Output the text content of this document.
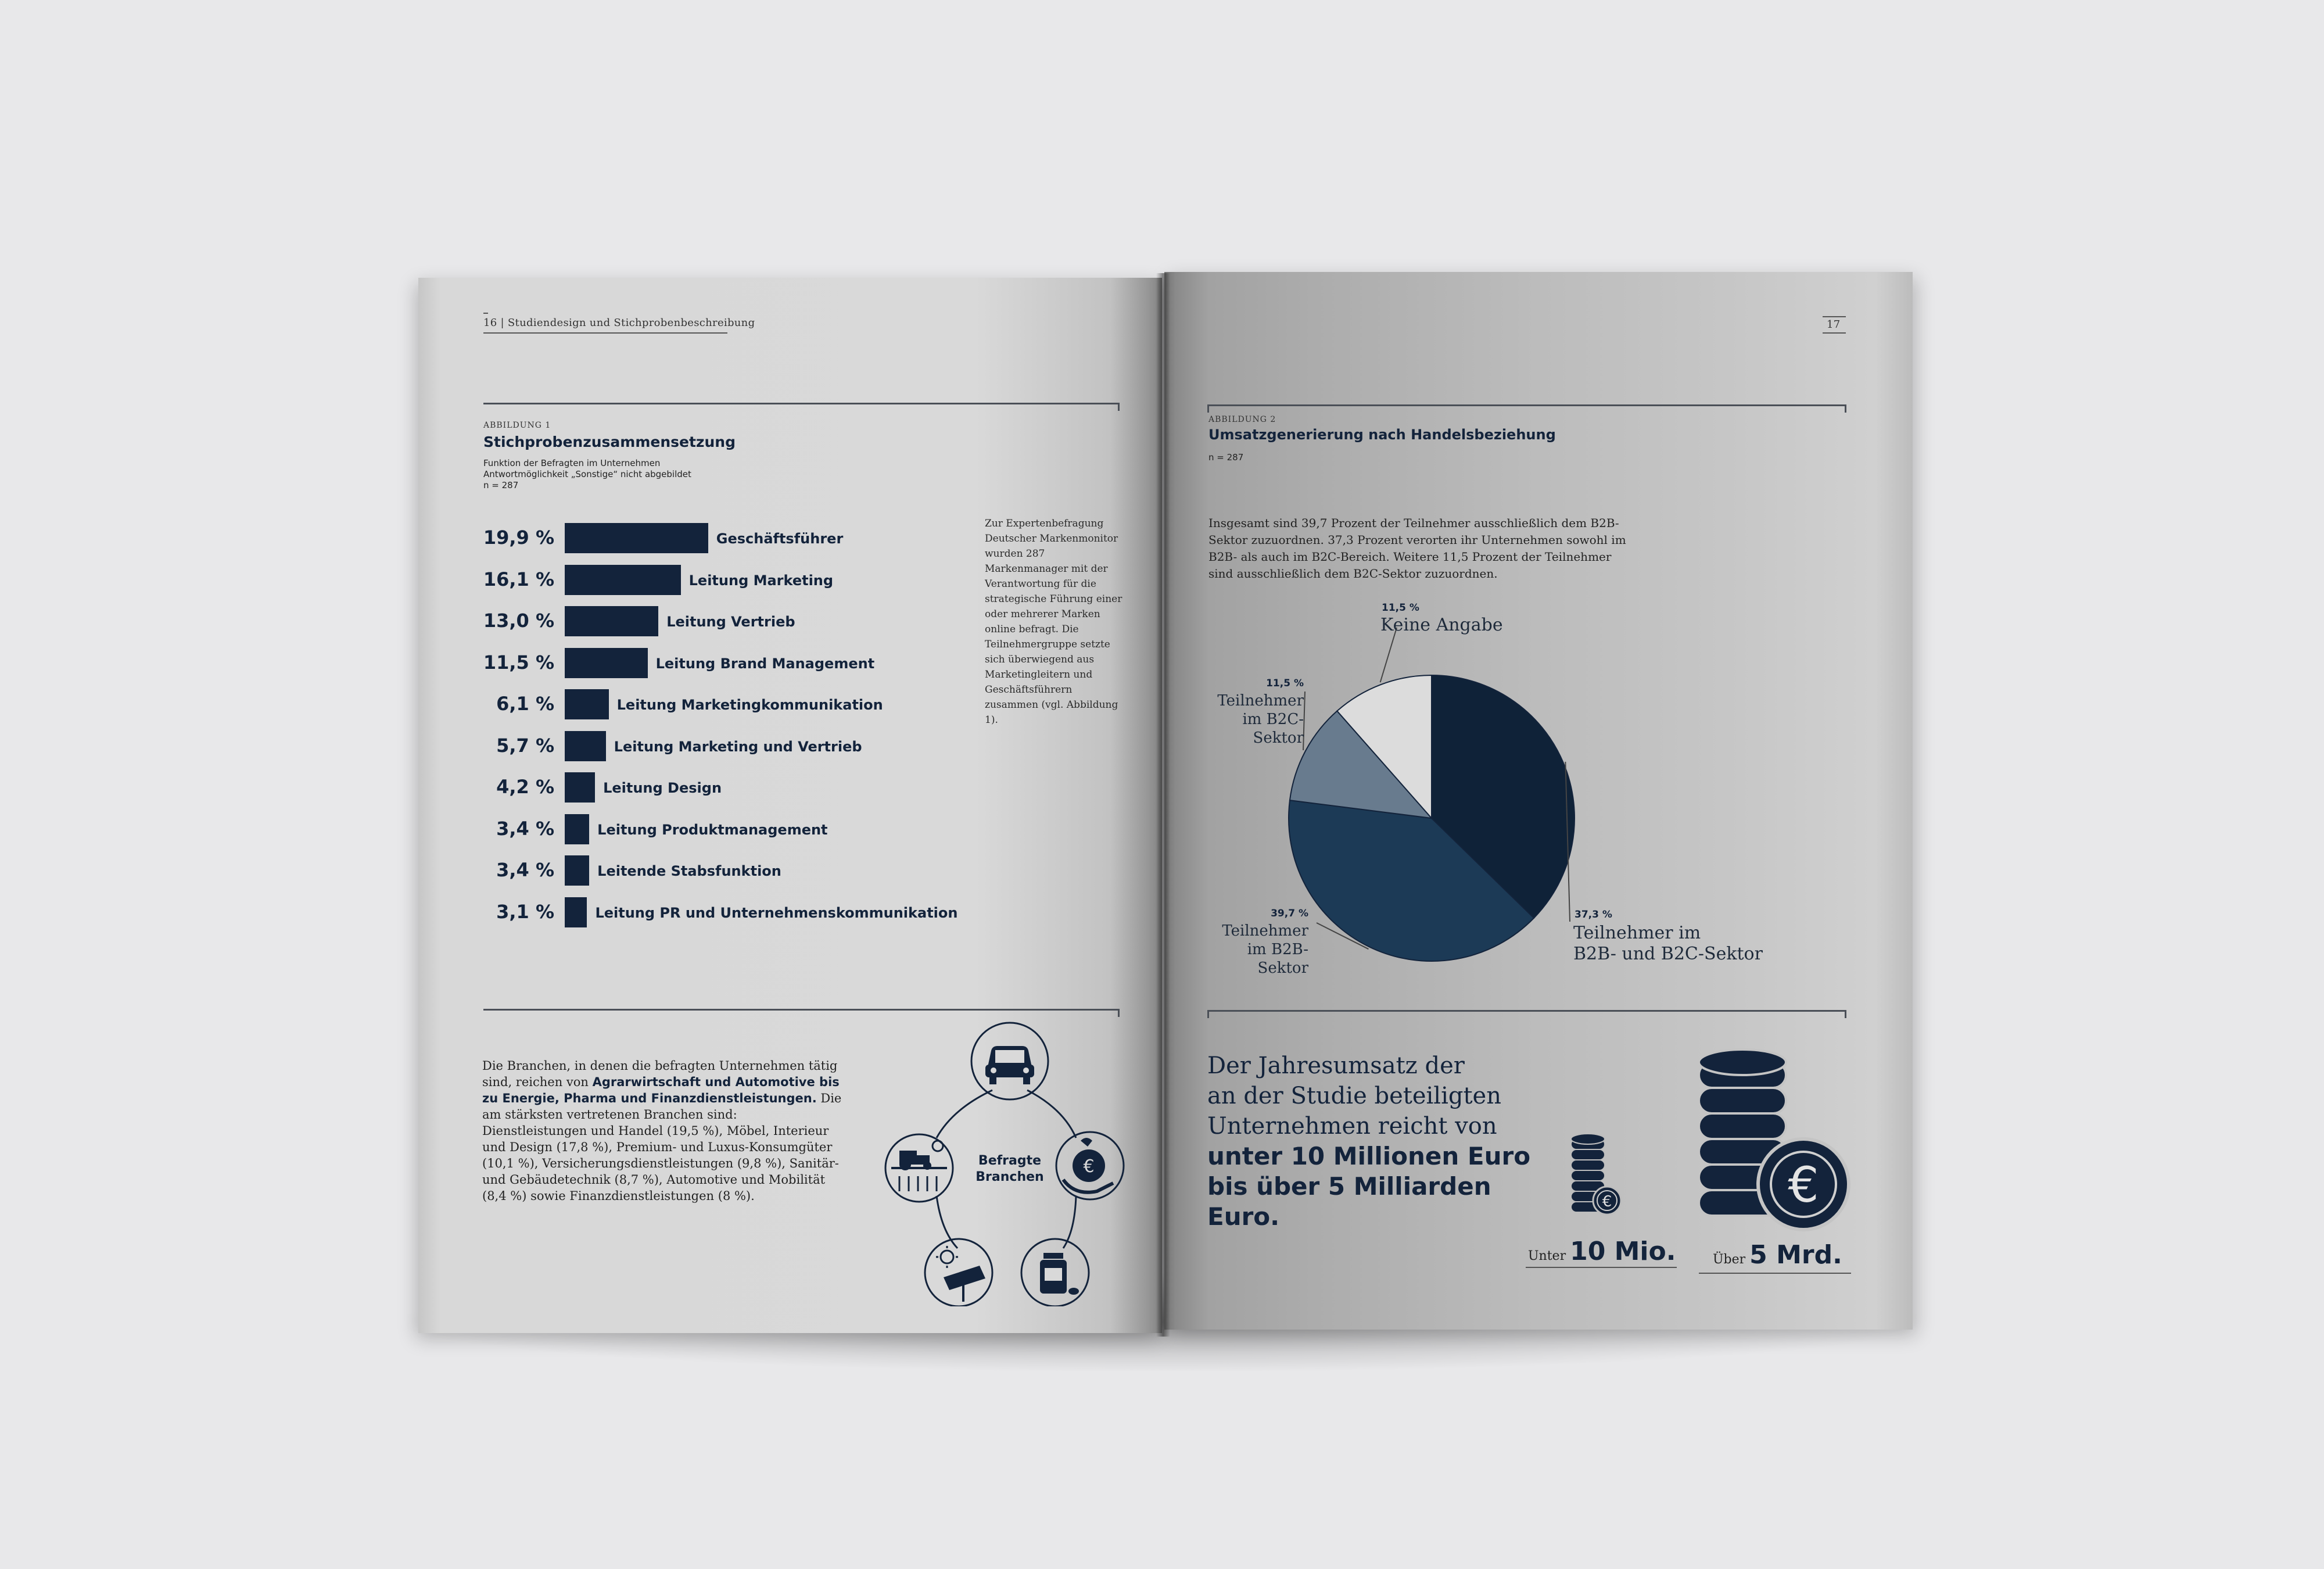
16 | Studiendesign und Stichprobenbeschreibung
ABBILDUNG 1
Stichprobenzusammensetzung
Funktion der Befragten im Unternehmen
Antwortmöglichkeit „Sonstige“ nicht abgebildet
n = 287
19,9 %	Geschäftsführer
16,1 %	Leitung Marketing
13,0 %	Leitung Vertrieb
11,5 %	Leitung Brand Management
6,1 %	Leitung Marketingkommunikation
5,7 %	Leitung Marketing und Vertrieb
4,2 %	Leitung Design
3,4 %	Leitung Produktmanagement
3,4 %	Leitende Stabsfunktion
3,1 %	Leitung PR und Unternehmenskommunikation
Zur Expertenbefragung Deutscher Markenmonitor wurden 287 Markenmanager mit der Verantwortung für die strategische Führung einer oder mehrerer Marken online befragt. Die Teilnehmergruppe setzte sich überwiegend aus Marketingleitern und Geschäftsführern zusammen (vgl. Abbildung 1).
Die Branchen, in denen die befragten Unternehmen tätig sind, reichen von Agrarwirtschaft und Automotive bis zu Energie, Pharma und Finanzdienstleistungen. Die am stärksten vertretenen Branchen sind: Dienstleistungen und Handel (19,5 %), Möbel, Interieur und Design (17,8 %), Premium- und Luxus-Konsumgüter (10,1 %), Versicherungsdienstleistungen (9,8 %), Sanitär- und Gebäudetechnik (8,7 %), Automotive und Mobilität (8,4 %) sowie Finanzdienstleistungen (8 %).
€
Befragte
Branchen
17
ABBILDUNG 2
Umsatzgenerierung nach Handelsbeziehung
n = 287
Insgesamt sind 39,7 Prozent der Teilnehmer ausschließlich dem B2B-Sektor zuzuordnen. 37,3 Prozent verorten ihr Unternehmen sowohl im B2B- als auch im B2C-Bereich. Weitere 11,5 Prozent der Teilnehmer sind ausschließlich dem B2C-Sektor zuzuordnen.
11,5 %
Keine Angabe
11,5 %
Teilnehmer
im B2C-Sektor
39,7 %
Teilnehmer
im B2B-Sektor
37,3 %
Teilnehmer im
B2B- und B2C-Sektor
Der Jahresumsatz der
an der Studie beteiligten
Unternehmen reicht von
unter 10 Millionen Euro
bis über 5 Milliarden
Euro.
€
Unter 10 Mio.
€
Über 5 Mrd.
